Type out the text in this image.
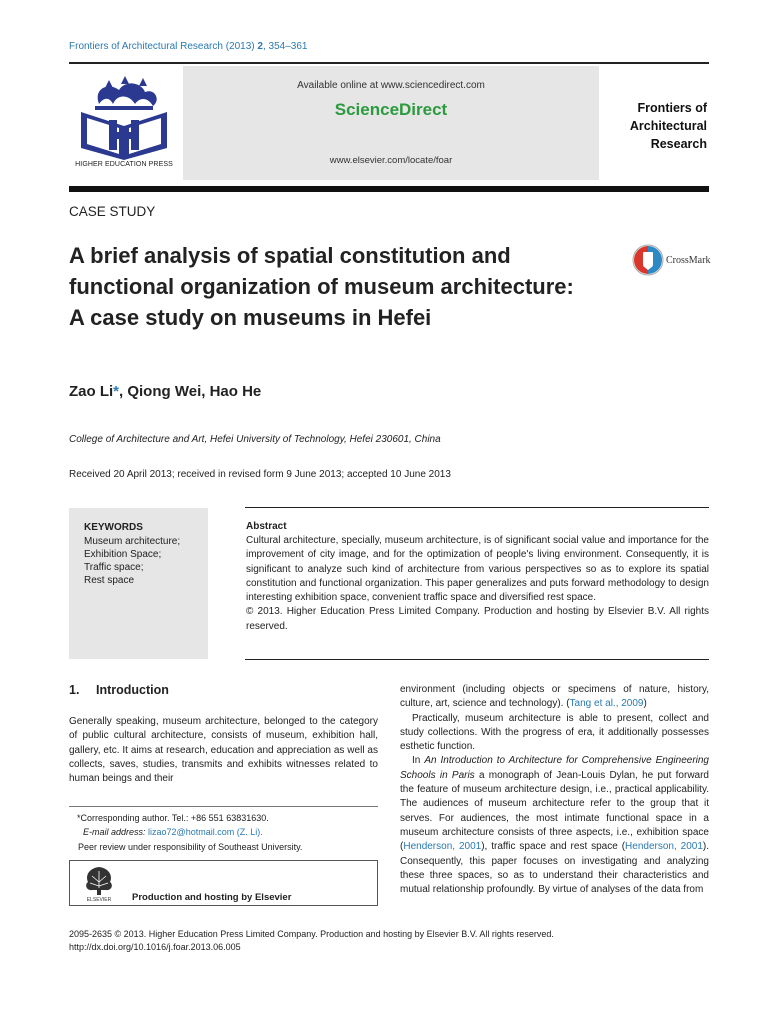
Frontiers of Architectural Research (2013) 2, 354–361
HIGHER EDUCATION PRESS
Available online at www.sciencedirect.com
ScienceDirect
www.elsevier.com/locate/foar
Frontiers of
Architectural
Research
CASE STUDY
A brief analysis of spatial constitution and functional organization of museum architecture: A case study on museums in Hefei
CrossMark
Zao Li*, Qiong Wei, Hao He
College of Architecture and Art, Hefei University of Technology, Hefei 230601, China
Received 20 April 2013; received in revised form 9 June 2013; accepted 10 June 2013
KEYWORDS
Museum architecture;
Exhibition Space;
Traffic space;
Rest space
Abstract

Cultural architecture, specially, museum architecture, is of significant social value and importance for the improvement of city image, and for the optimization of people's living environment. Consequently, it is significant to analyze such kind of architecture from various perspectives so as to explore its spatial constitution and functional organization. This paper generalizes and puts forward methodology to design interesting exhibition space, convenient traffic space and diversified rest space.

© 2013. Higher Education Press Limited Company. Production and hosting by Elsevier B.V. All rights reserved.

1. Introduction

Generally speaking, museum architecture, belonged to the category of public cultural architecture, consists of museum, exhibition hall, gallery, etc. It aims at research, education and appreciation as well as collects, saves, studies, transmits and exhibits witnesses related to human beings and their

*Corresponding author. Tel.: +86 551 63831630.
E-mail address: lizao72@hotmail.com (Z. Li).
Peer review under responsibility of Southeast University.
ELSEVIER Production and hosting by Elsevier

environment (including objects or specimens of nature, history, culture, art, science and technology). (Tang et al., 2009)

Practically, museum architecture is able to present, collect and study collections. With the progress of era, it additionally possesses esthetic function.

In An Introduction to Architecture for Comprehensive Engineering Schools in Paris a monograph of Jean-Louis Dylan, he put forward the feature of museum architecture design, i.e., practical applicability. The audiences of museum architecture refer to the group that it serves. For audiences, the most intimate functional space in a museum architecture consists of three aspects, i.e., exhibition space (Henderson, 2001), traffic space and rest space (Henderson, 2001). Consequently, this paper focuses on investigating and analyzing these three spaces, so as to understand their characteristics and mutual relationship profoundly. By virtue of analyses of the data from

2095-2635 © 2013. Higher Education Press Limited Company. Production and hosting by Elsevier B.V. All rights reserved.
http://dx.doi.org/10.1016/j.foar.2013.06.005
